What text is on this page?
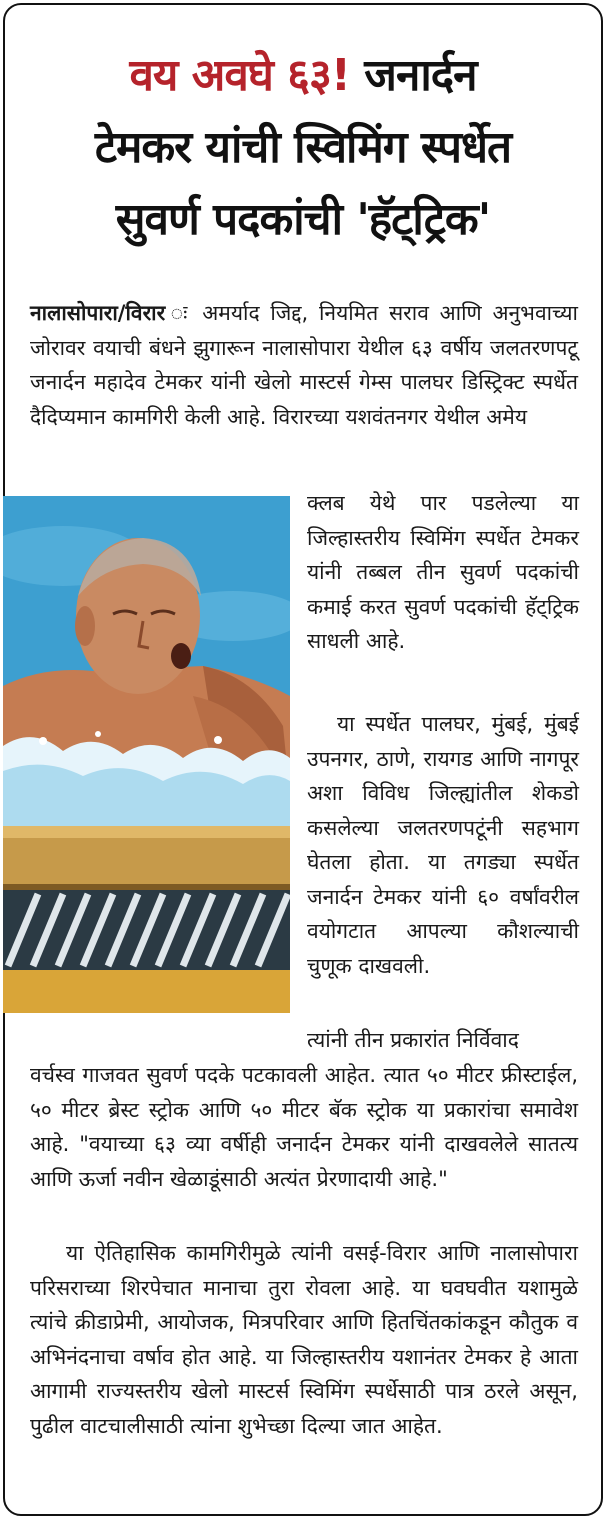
वय अवघे ६३! जनार्दन
टेमकर यांची स्विमिंग स्पर्धेत
सुवर्ण पदकांची 'हॅट्ट्रिक'
नालासोपारा/विरार ः अमर्याद जिद्द, नियमित सराव आणि अनुभवाच्या जोरावर वयाची बंधने झुगारून नालासोपारा येथील ६३ वर्षीय जलतरणपटू जनार्दन महादेव टेमकर यांनी खेलो मास्टर्स गेम्स पालघर डिस्ट्रिक्ट स्पर्धेत दैदिप्यमान कामगिरी केली आहे. विरारच्या यशवंतनगर येथील अमेय
क्लब येथे पार पडलेल्या या जिल्हास्तरीय स्विमिंग स्पर्धेत टेमकर यांनी तब्बल तीन सुवर्ण पदकांची कमाई करत सुवर्ण पदकांची हॅट्ट्रिक साधली आहे.
या स्पर्धेत पालघर, मुंबई, मुंबई उपनगर, ठाणे, रायगड आणि नागपूर अशा विविध जिल्ह्यांतील शेकडो कसलेल्या जलतरणपटूंनी सहभाग घेतला होता. या तगड्या स्पर्धेत जनार्दन टेमकर यांनी ६० वर्षांवरील वयोगटात आपल्या कौशल्याची चुणूक दाखवली.
त्यांनी तीन प्रकारांत निर्विवाद
वर्चस्व गाजवत सुवर्ण पदके पटकावली आहेत. त्यात ५० मीटर फ्रीस्टाईल, ५० मीटर ब्रेस्ट स्ट्रोक आणि ५० मीटर बॅक स्ट्रोक या प्रकारांचा समावेश आहे. "वयाच्या ६३ व्या वर्षीही जनार्दन टेमकर यांनी दाखवलेले सातत्य आणि ऊर्जा नवीन खेळाडूंसाठी अत्यंत प्रेरणादायी आहे."
या ऐतिहासिक कामगिरीमुळे त्यांनी वसई-विरार आणि नालासोपारा परिसराच्या शिरपेचात मानाचा तुरा रोवला आहे. या घवघवीत यशामुळे त्यांचे क्रीडाप्रेमी, आयोजक, मित्रपरिवार आणि हितचिंतकांकडून कौतुक व अभिनंदनाचा वर्षाव होत आहे. या जिल्हास्तरीय यशानंतर टेमकर हे आता आगामी राज्यस्तरीय खेलो मास्टर्स स्विमिंग स्पर्धेसाठी पात्र ठरले असून, पुढील वाटचालीसाठी त्यांना शुभेच्छा दिल्या जात आहेत.
